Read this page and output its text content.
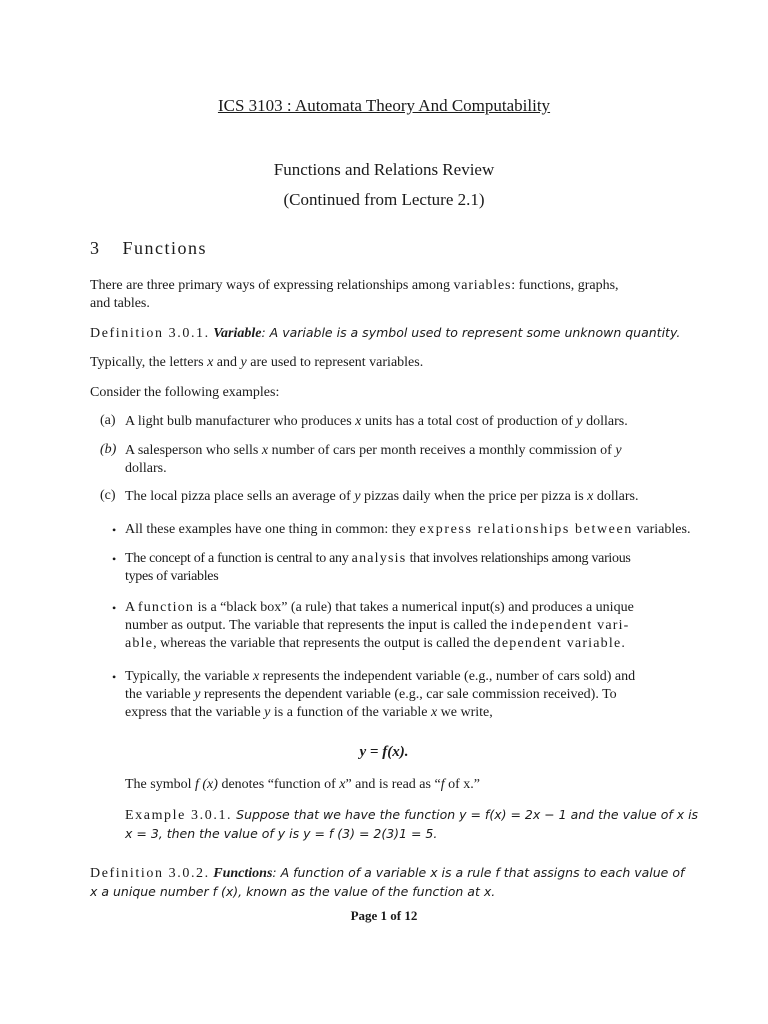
ICS 3103 : Automata Theory And Computability
Functions and Relations Review
(Continued from Lecture 2.1)
3 Functions
There are three primary ways of expressing relationships among variables: functions, graphs,
and tables.
Definition 3.0.1. Variable: A variable is a symbol used to represent some unknown quantity.
Typically, the letters x and y are used to represent variables.
Consider the following examples:
(a) A light bulb manufacturer who produces x units has a total cost of production of y dollars.
(b) A salesperson who sells x number of cars per month receives a monthly commission of y
dollars.
(c) The local pizza place sells an average of y pizzas daily when the price per pizza is x dollars.
• All these examples have one thing in common: they express relationships between variables.
• The concept of a function is central to any analysis that involves relationships among various
types of variables
• A function is a “black box” (a rule) that takes a numerical input(s) and produces a unique
number as output. The variable that represents the input is called the independent vari-
able, whereas the variable that represents the output is called the dependent variable.
• Typically, the variable x represents the independent variable (e.g., number of cars sold) and
the variable y represents the dependent variable (e.g., car sale commission received). To
express that the variable y is a function of the variable x we write,
y = f(x).
The symbol f (x) denotes “function of x” and is read as “f of x.”
Example 3.0.1. Suppose that we have the function y = f(x) = 2x − 1 and the value of x is
x = 3, then the value of y is y = f (3) = 2(3)1 = 5.
Definition 3.0.2. Functions: A function of a variable x is a rule f that assigns to each value of
x a unique number f (x), known as the value of the function at x.
Page 1 of 12
